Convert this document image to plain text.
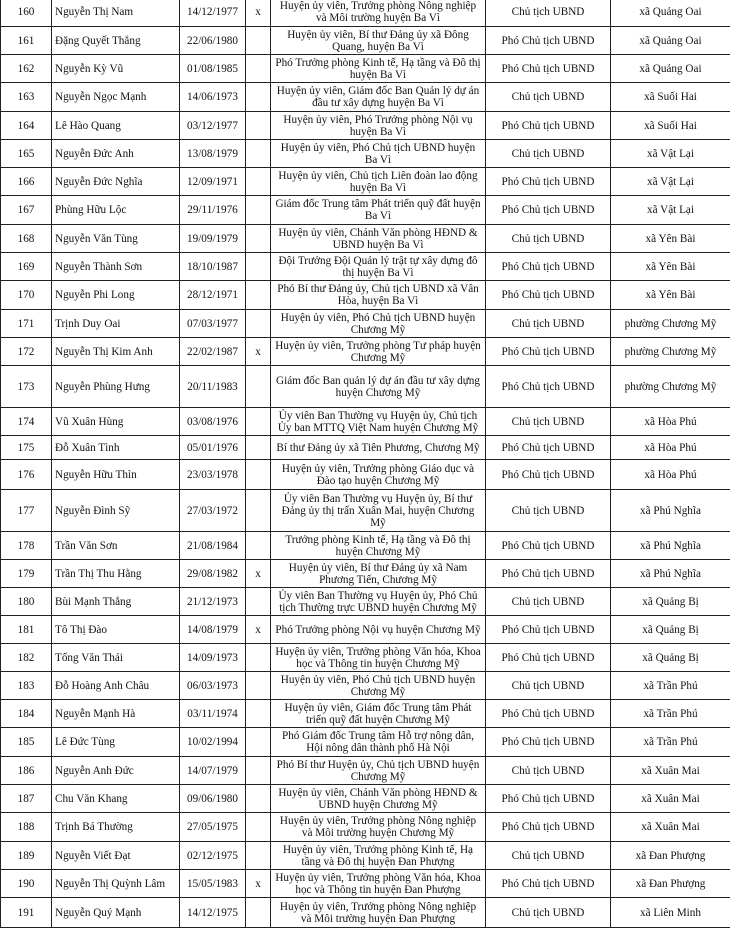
160	Nguyễn Thị Nam	14/12/1977	x	Huyện ủy viên, Trưởng phòng Nông nghiệp và Môi trường huyện Ba Vì	Chủ tịch UBND	xã Quảng Oai
161	Đặng Quyết Thắng	22/06/1980		Huyện ủy viên, Bí thư Đảng ủy xã Đông Quang, huyện Ba Vì	Phó Chủ tịch UBND	xã Quảng Oai
162	Nguyễn Kỳ Vũ	01/08/1985		Phó Trưởng phòng Kinh tế, Hạ tầng và Đô thị huyện Ba Vì	Phó Chủ tịch UBND	xã Quảng Oai
163	Nguyễn Ngọc Mạnh	14/06/1973		Huyện ủy viên, Giám đốc Ban Quản lý dự án đầu tư xây dựng huyện Ba Vì	Chủ tịch UBND	xã Suối Hai
164	Lê Hào Quang	03/12/1977		Huyện ủy viên, Phó Trưởng phòng Nội vụ huyện Ba Vì	Phó Chủ tịch UBND	xã Suối Hai
165	Nguyễn Đức Anh	13/08/1979		Huyện ủy viên, Phó Chủ tịch UBND huyện Ba Vì	Chủ tịch UBND	xã Vật Lại
166	Nguyễn Đức Nghĩa	12/09/1971		Huyện ủy viên, Chủ tịch Liên đoàn lao động huyện Ba Vì	Phó Chủ tịch UBND	xã Vật Lại
167	Phùng Hữu Lộc	29/11/1976		Giám đốc Trung tâm Phát triển quỹ đất huyện Ba Vì	Phó Chủ tịch UBND	xã Vật Lại
168	Nguyễn Văn Tùng	19/09/1979		Huyện ủy viên, Chánh Văn phòng HĐND & UBND huyện Ba Vì	Chủ tịch UBND	xã Yên Bài
169	Nguyễn Thành Sơn	18/10/1987		Đội Trưởng Đội Quản lý trật tự xây dựng đô thị huyện Ba Vì	Phó Chủ tịch UBND	xã Yên Bài
170	Nguyễn Phi Long	28/12/1971		Phó Bí thư Đảng ủy, Chủ tịch UBND xã Vân Hòa, huyện Ba Vì	Phó Chủ tịch UBND	xã Yên Bài
171	Trịnh Duy Oai	07/03/1977		Huyện ủy viên, Phó Chủ tịch UBND huyện Chương Mỹ	Chủ tịch UBND	phường Chương Mỹ
172	Nguyễn Thị Kim Anh	22/02/1987	x	Huyện ủy viên, Trưởng phòng Tư pháp huyện Chương Mỹ	Phó Chủ tịch UBND	phường Chương Mỹ
173	Nguyễn Phùng Hưng	20/11/1983		Giám đốc Ban quản lý dự án đầu tư xây dựng huyện Chương Mỹ	Phó Chủ tịch UBND	phường Chương Mỹ
174	Vũ Xuân Hùng	03/08/1976		Ủy viên Ban Thường vụ Huyện ủy, Chủ tịch Ủy ban MTTQ Việt Nam huyện Chương Mỹ	Chủ tịch UBND	xã Hòa Phú
175	Đỗ Xuân Tình	05/01/1976		Bí thư Đảng ủy xã Tiên Phương, Chương Mỹ	Phó Chủ tịch UBND	xã Hòa Phú
176	Nguyễn Hữu Thìn	23/03/1978		Huyện ủy viên, Trưởng phòng Giáo dục và Đào tạo huyện Chương Mỹ	Phó Chủ tịch UBND	xã Hòa Phú
177	Nguyễn Đình Sỹ	27/03/1972		Ủy viên Ban Thường vụ Huyện ủy, Bí thư Đảng ủy thị trấn Xuân Mai, huyện Chương Mỹ	Chủ tịch UBND	xã Phú Nghĩa
178	Trần Văn Sơn	21/08/1984		Trưởng phòng Kinh tế, Hạ tầng và Đô thị huyện Chương Mỹ	Phó Chủ tịch UBND	xã Phú Nghĩa
179	Trần Thị Thu Hằng	29/08/1982	x	Huyện ủy viên, Bí thư Đảng ủy xã Nam Phương Tiến, Chương Mỹ	Phó Chủ tịch UBND	xã Phú Nghĩa
180	Bùi Mạnh Thắng	21/12/1973		Ủy viên Ban Thường vụ Huyện ủy, Phó Chủ tịch Thường trực UBND huyện Chương Mỹ	Chủ tịch UBND	xã Quảng Bị
181	Tô Thị Đào	14/08/1979	x	Phó Trưởng phòng Nội vụ huyện Chương Mỹ	Phó Chủ tịch UBND	xã Quảng Bị
182	Tống Văn Thái	14/09/1973		Huyện ủy viên, Trưởng phòng Văn hóa, Khoa học và Thông tin huyện Chương Mỹ	Phó Chủ tịch UBND	xã Quảng Bị
183	Đỗ Hoàng Anh Châu	06/03/1973		Huyện ủy viên, Phó Chủ tịch UBND huyện Chương Mỹ	Chủ tịch UBND	xã Trần Phú
184	Nguyễn Mạnh Hà	03/11/1974		Huyện ủy viên, Giám đốc Trung tâm Phát triển quỹ đất huyện Chương Mỹ	Phó Chủ tịch UBND	xã Trần Phú
185	Lê Đức Tùng	10/02/1994		Phó Giám đốc Trung tâm Hỗ trợ nông dân, Hội nông dân thành phố Hà Nội	Phó Chủ tịch UBND	xã Trần Phú
186	Nguyễn Anh Đức	14/07/1979		Phó Bí thư Huyện ủy, Chủ tịch UBND huyện Chương Mỹ	Chủ tịch UBND	xã Xuân Mai
187	Chu Văn Khang	09/06/1980		Huyện ủy viên, Chánh Văn phòng HĐND & UBND huyện Chương Mỹ	Phó Chủ tịch UBND	xã Xuân Mai
188	Trịnh Bá Thường	27/05/1975		Huyện ủy viên, Trưởng phòng Nông nghiệp và Môi trường huyện Chương Mỹ	Phó Chủ tịch UBND	xã Xuân Mai
189	Nguyễn Viết Đạt	02/12/1975		Huyện ủy viên, Trưởng phòng Kinh tế, Hạ tầng và Đô thị huyện Đan Phượng	Chủ tịch UBND	xã Đan Phượng
190	Nguyễn Thị Quỳnh Lâm	15/05/1983	x	Huyện ủy viên, Trưởng phòng Văn hóa, Khoa học và Thông tin huyện Đan Phượng	Phó Chủ tịch UBND	xã Đan Phượng
191	Nguyễn Quý Mạnh	14/12/1975		Huyện ủy viên, Trưởng phòng Nông nghiệp và Môi trường huyện Đan Phượng	Chủ tịch UBND	xã Liên Minh
